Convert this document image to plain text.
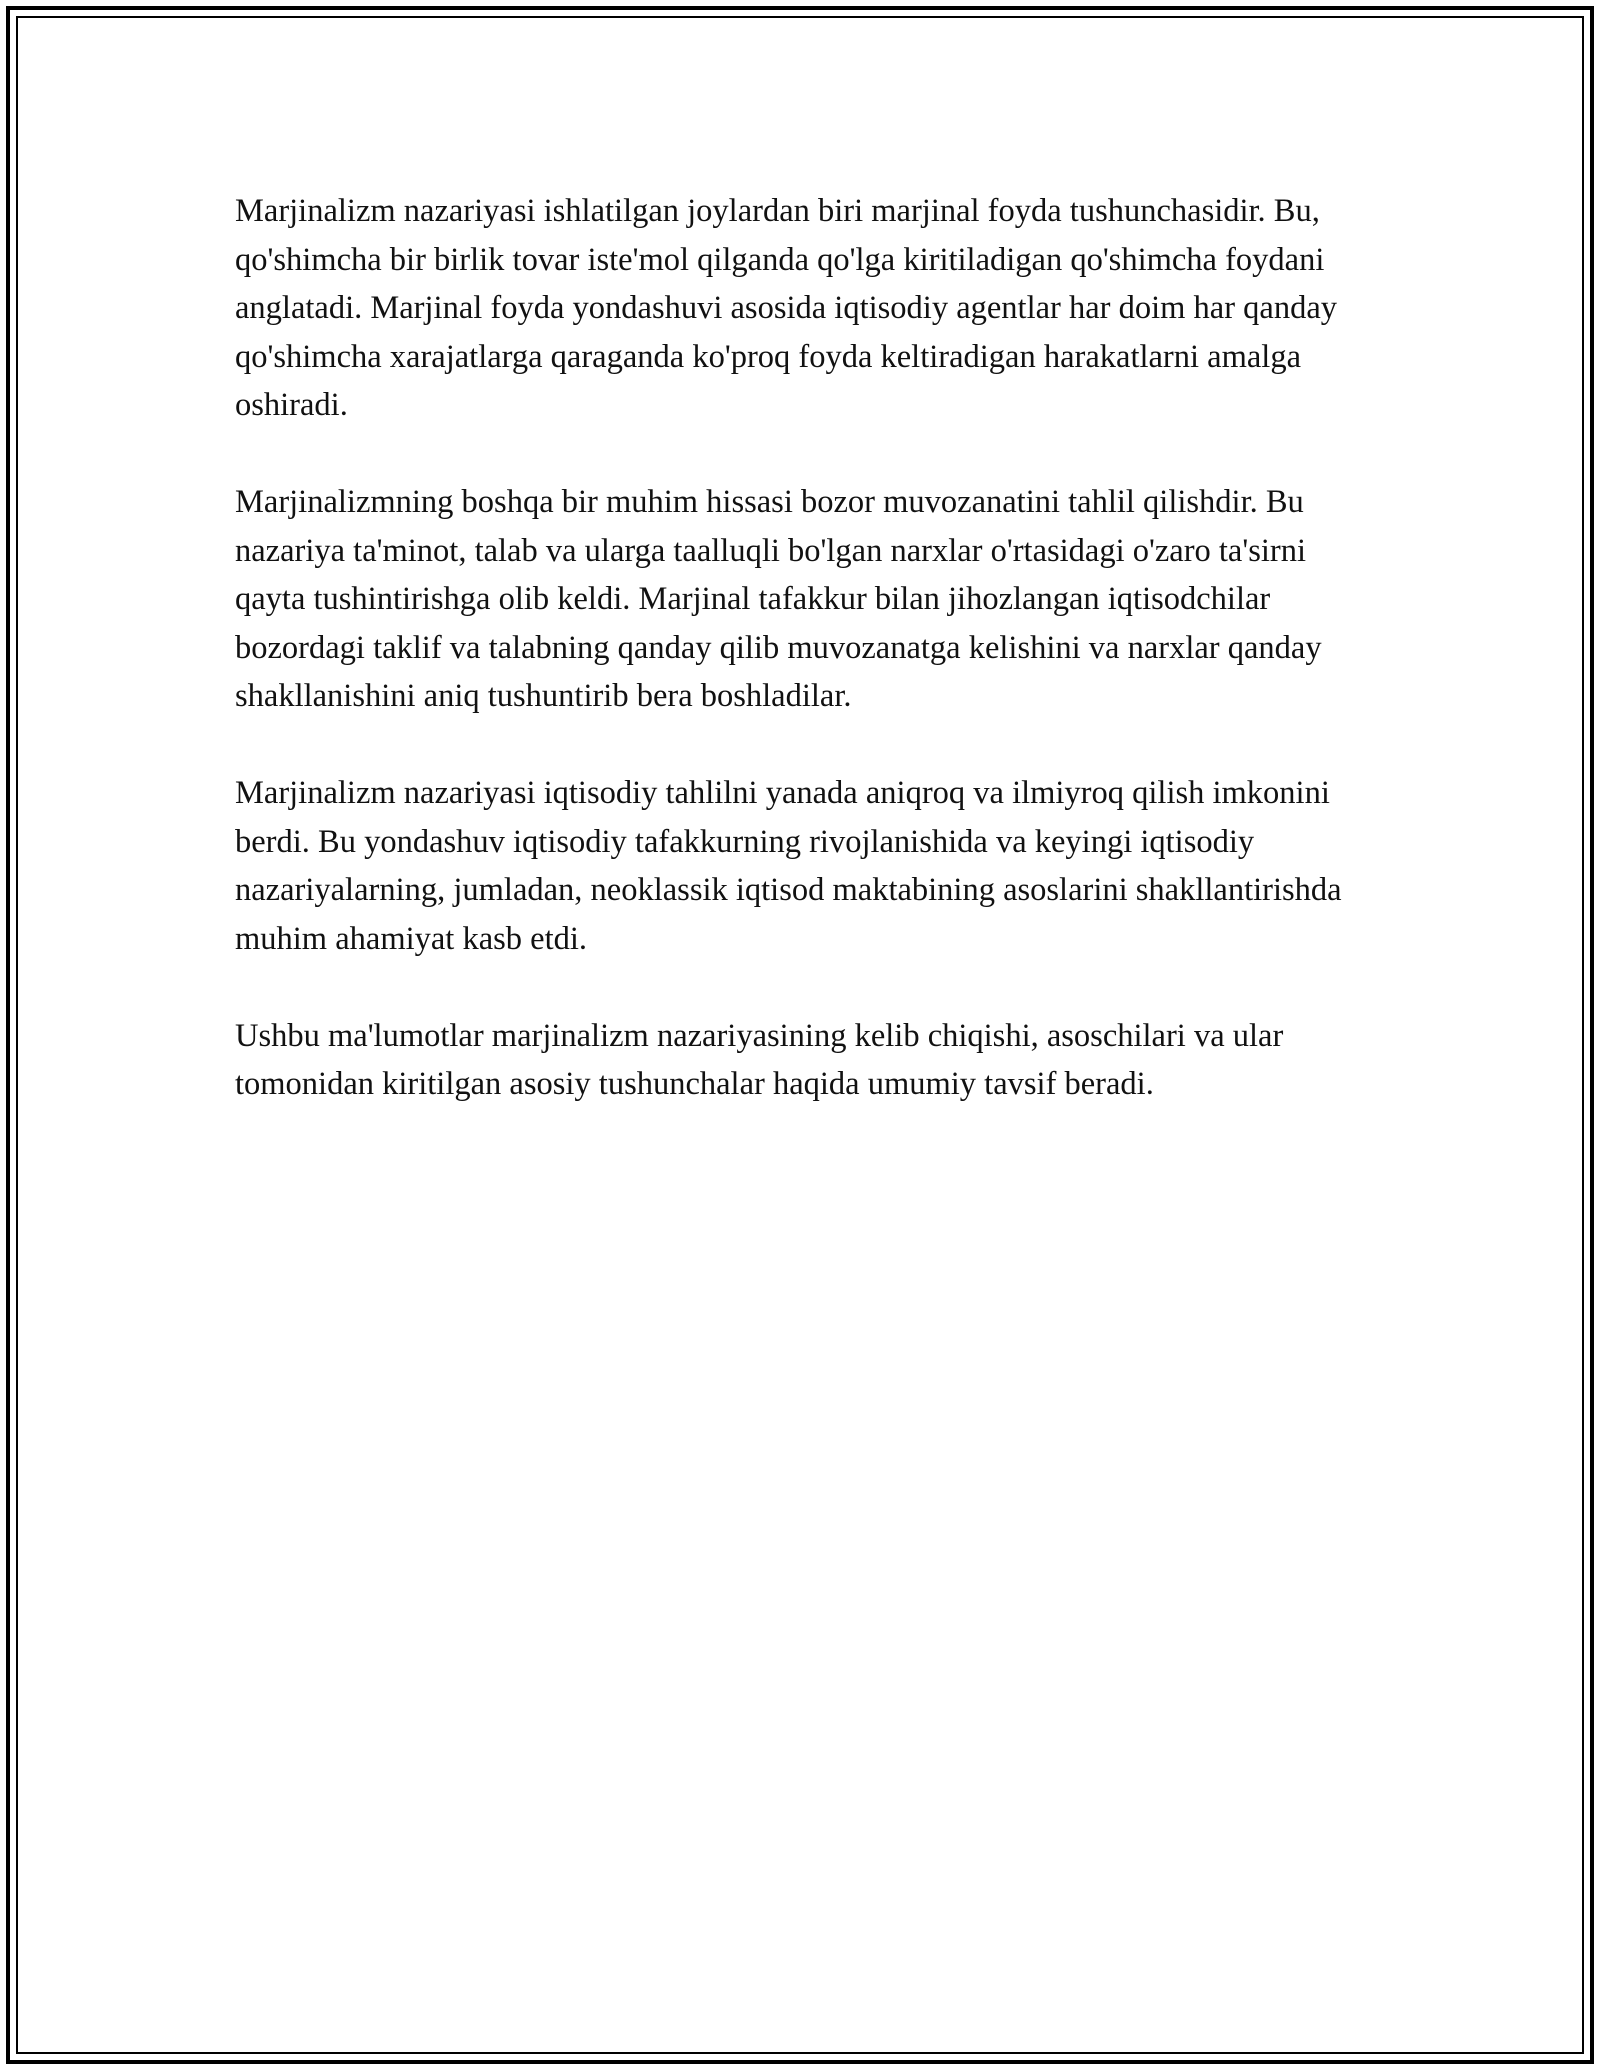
Marjinalizm nazariyasi ishlatilgan joylardan biri marjinal foyda tushunchasidir. Bu, qo'shimcha bir birlik tovar iste'mol qilganda qo'lga kiritiladigan qo'shimcha foydani anglatadi. Marjinal foyda yondashuvi asosida iqtisodiy agentlar har doim har qanday qo'shimcha xarajatlarga qaraganda ko'proq foyda keltiradigan harakatlarni amalga oshiradi.

Marjinalizmning boshqa bir muhim hissasi bozor muvozanatini tahlil qilishdir. Bu nazariya ta'minot, talab va ularga taalluqli bo'lgan narxlar o'rtasidagi o'zaro ta'sirni qayta tushintirishga olib keldi. Marjinal tafakkur bilan jihozlangan iqtisodchilar bozordagi taklif va talabning qanday qilib muvozanatga kelishini va narxlar qanday shakllanishini aniq tushuntirib bera boshladilar.

Marjinalizm nazariyasi iqtisodiy tahlilni yanada aniqroq va ilmiyroq qilish imkonini berdi. Bu yondashuv iqtisodiy tafakkurning rivojlanishida va keyingi iqtisodiy nazariyalarning, jumladan, neoklassik iqtisod maktabining asoslarini shakllantirishda muhim ahamiyat kasb etdi.

Ushbu ma'lumotlar marjinalizm nazariyasining kelib chiqishi, asoschilari va ular tomonidan kiritilgan asosiy tushunchalar haqida umumiy tavsif beradi.
